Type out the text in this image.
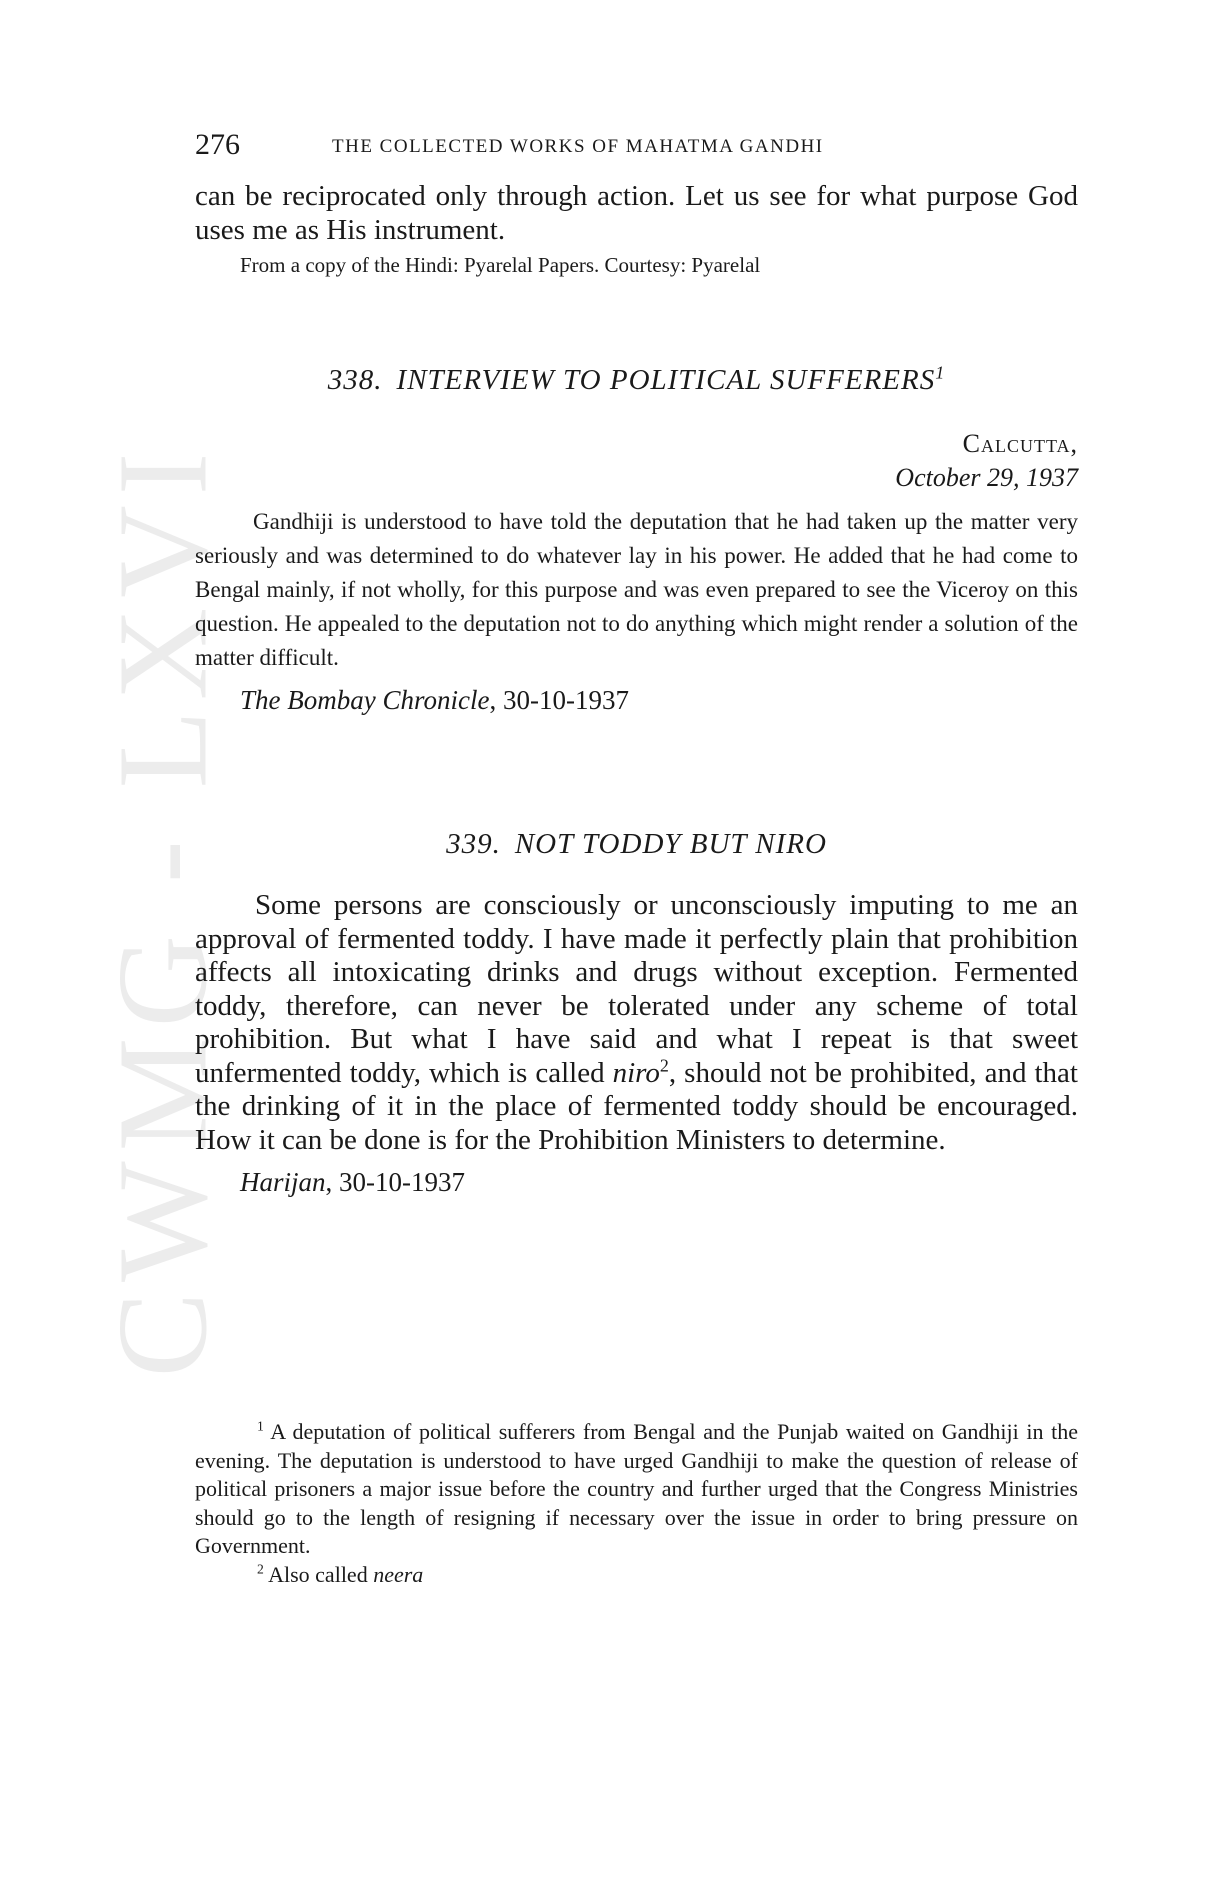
CWMG - LXVI
276	THE COLLECTED WORKS OF MAHATMA GANDHI

can be reciprocated only through action. Let us see for what purpose God uses me as His instrument.

From a copy of the Hindi: Pyarelal Papers. Courtesy: Pyarelal

338. INTERVIEW TO POLITICAL SUFFERERS$^1$

Calcutta,

October 29, 1937

Gandhiji is understood to have told the deputation that he had taken up the matter very seriously and was determined to do whatever lay in his power. He added that he had come to Bengal mainly, if not wholly, for this purpose and was even prepared to see the Viceroy on this question. He appealed to the deputation not to do anything which might render a solution of the matter difficult.

The Bombay Chronicle, 30-10-1937

339. NOT TODDY BUT NIRO

Some persons are consciously or unconsciously imputing to me an approval of fermented toddy. I have made it perfectly plain that prohibition affects all intoxicating drinks and drugs without exception. Fermented toddy, therefore, can never be tolerated under any scheme of total prohibition. But what I have said and what I repeat is that sweet unfermented toddy, which is called niro$^2$, should not be prohibited, and that the drinking of it in the place of fermented toddy should be encouraged. How it can be done is for the Prohibition Ministers to determine.

Harijan, 30-10-1937

$^1$ A deputation of political sufferers from Bengal and the Punjab waited on Gandhiji in the evening. The deputation is understood to have urged Gandhiji to make the question of release of political prisoners a major issue before the country and further urged that the Congress Ministries should go to the length of resigning if necessary over the issue in order to bring pressure on Government.

$^2$ Also called neera
